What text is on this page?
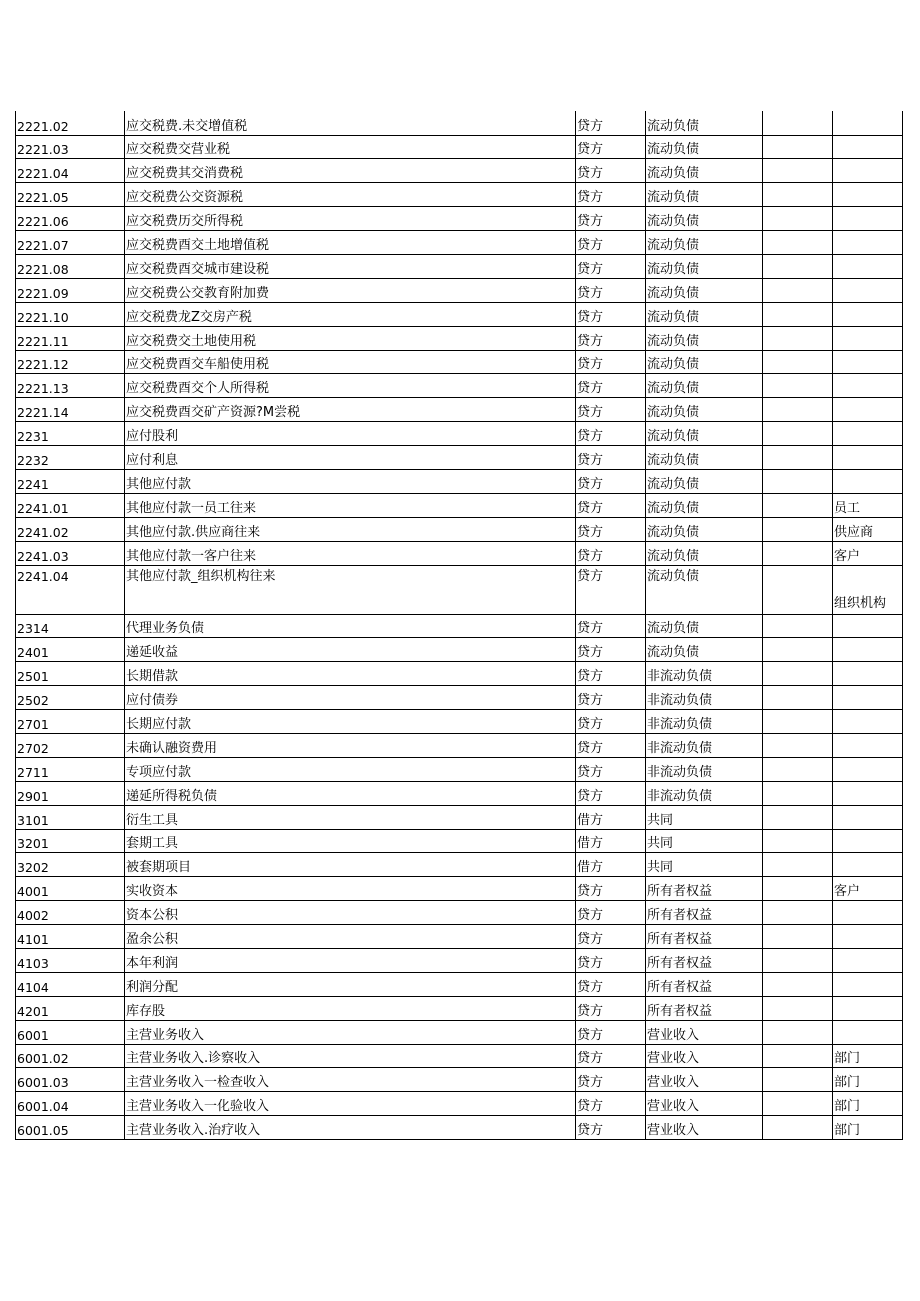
2221.02	应交税费.未交增值税	贷方	流动负债		
2221.03	应交税费交营业税	贷方	流动负债		
2221.04	应交税费其交消费税	贷方	流动负债		
2221.05	应交税费公交资源税	贷方	流动负债		
2221.06	应交税费历交所得税	贷方	流动负债		
2221.07	应交税费酉交土地增值税	贷方	流动负债		
2221.08	应交税费酉交城市建设税	贷方	流动负债		
2221.09	应交税费公交教育附加费	贷方	流动负债		
2221.10	应交税费龙Z交房产税	贷方	流动负债		
2221.11	应交税费交土地使用税	贷方	流动负债		
2221.12	应交税费酉交车船使用税	贷方	流动负债		
2221.13	应交税费酉交个人所得税	贷方	流动负债		
2221.14	应交税费酉交矿产资源?M尝税	贷方	流动负债		
2231	应付股利	贷方	流动负债		
2232	应付利息	贷方	流动负债		
2241	其他应付款	贷方	流动负债		
2241.01	其他应付款一员工往来	贷方	流动负债		员工
2241.02	其他应付款.供应商往来	贷方	流动负债		供应商
2241.03	其他应付款一客户往来	贷方	流动负债		客户
2241.04	其他应付款_组织机构往来	贷方	流动负债		组织机构
2314	代理业务负债	贷方	流动负债		
2401	递延收益	贷方	流动负债		
2501	长期借款	贷方	非流动负债		
2502	应付债券	贷方	非流动负债		
2701	长期应付款	贷方	非流动负债		
2702	未确认融资费用	贷方	非流动负债		
2711	专项应付款	贷方	非流动负债		
2901	递延所得税负债	贷方	非流动负债		
3101	衍生工具	借方	共同		
3201	套期工具	借方	共同		
3202	被套期项目	借方	共同		
4001	实收资本	贷方	所有者权益		客户
4002	资本公积	贷方	所有者权益		
4101	盈余公积	贷方	所有者权益		
4103	本年利润	贷方	所有者权益		
4104	利润分配	贷方	所有者权益		
4201	库存股	贷方	所有者权益		
6001	主营业务收入	贷方	营业收入		
6001.02	主营业务收入.诊察收入	贷方	营业收入		部门
6001.03	主营业务收入一检查收入	贷方	营业收入		部门
6001.04	主营业务收入一化验收入	贷方	营业收入		部门
6001.05	主营业务收入.治疗收入	贷方	营业收入		部门
